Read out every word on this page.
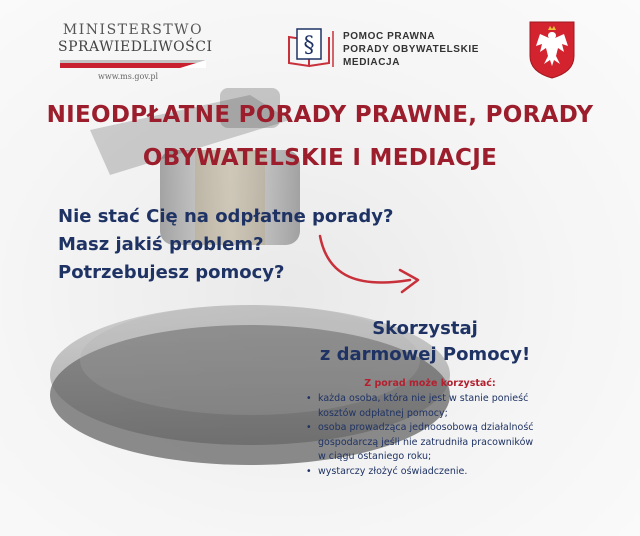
MINISTERSTWO
SPRAWIEDLIWOŚCI
www.ms.gov.pl
§	POMOC PRAWNA
PORADY OBYWATELSKIE
MEDIACJA
NIEODPŁATNE PORADY PRAWNE, PORADY
OBYWATELSKIE I MEDIACJE
Nie stać Cię na odpłatne porady?
Masz jakiś problem?
Potrzebujesz pomocy?
Skorzystaj
z darmowej Pomocy!
Z porad może korzystać:
• każda osoba, która nie jest w stanie ponieść kosztów odpłatnej pomocy;
• osoba prowadząca jednoosobową działalność gospodarczą jeśli nie zatrudniła pracowników w ciągu ostaniego roku;
• wystarczy złożyć oświadczenie.
